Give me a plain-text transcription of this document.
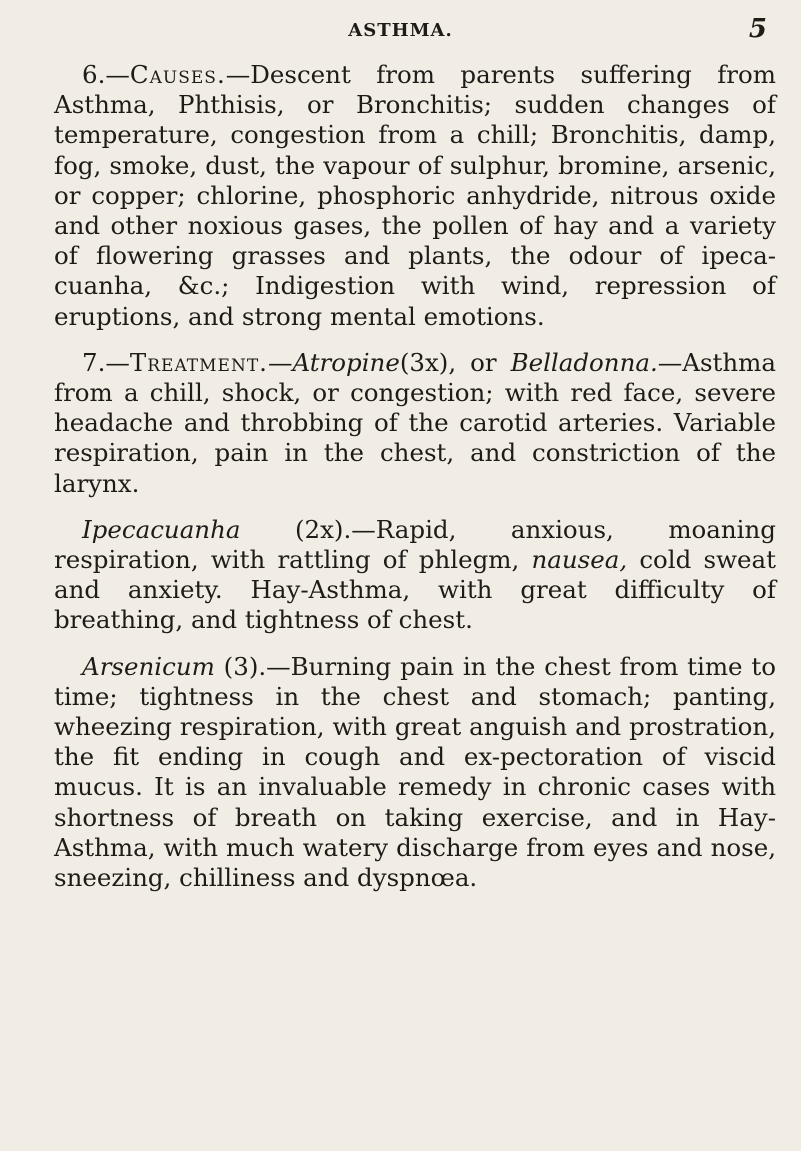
ASTHMA.	5

6.—Causes.—Descent from parents suffering from Asthma, Phthisis, or Bronchitis; sudden changes of temperature, congestion from a chill; Bronchitis, damp, fog, smoke, dust, the vapour of sulphur, bromine, arsenic, or copper; chlorine, phosphoric anhydride, nitrous oxide and other noxious gases, the pollen of hay and a variety of flowering grasses and plants, the odour of ipeca-cuanha, &c.; Indigestion with wind, repression of eruptions, and strong mental emotions.

7.—Treatment.—Atropine(3x), or Belladonna.—Asthma from a chill, shock, or congestion; with red face, severe headache and throbbing of the carotid arteries. Variable respiration, pain in the chest, and constriction of the larynx.

Ipecacuanha (2x).—Rapid, anxious, moaning respiration, with rattling of phlegm, nausea, cold sweat and anxiety. Hay-Asthma, with great difficulty of breathing, and tightness of chest.

Arsenicum (3).—Burning pain in the chest from time to time; tightness in the chest and stomach; panting, wheezing respiration, with great anguish and prostration, the fit ending in cough and ex-pectoration of viscid mucus. It is an invaluable remedy in chronic cases with shortness of breath on taking exercise, and in Hay-Asthma, with much watery discharge from eyes and nose, sneezing, chilliness and dyspnœa.
